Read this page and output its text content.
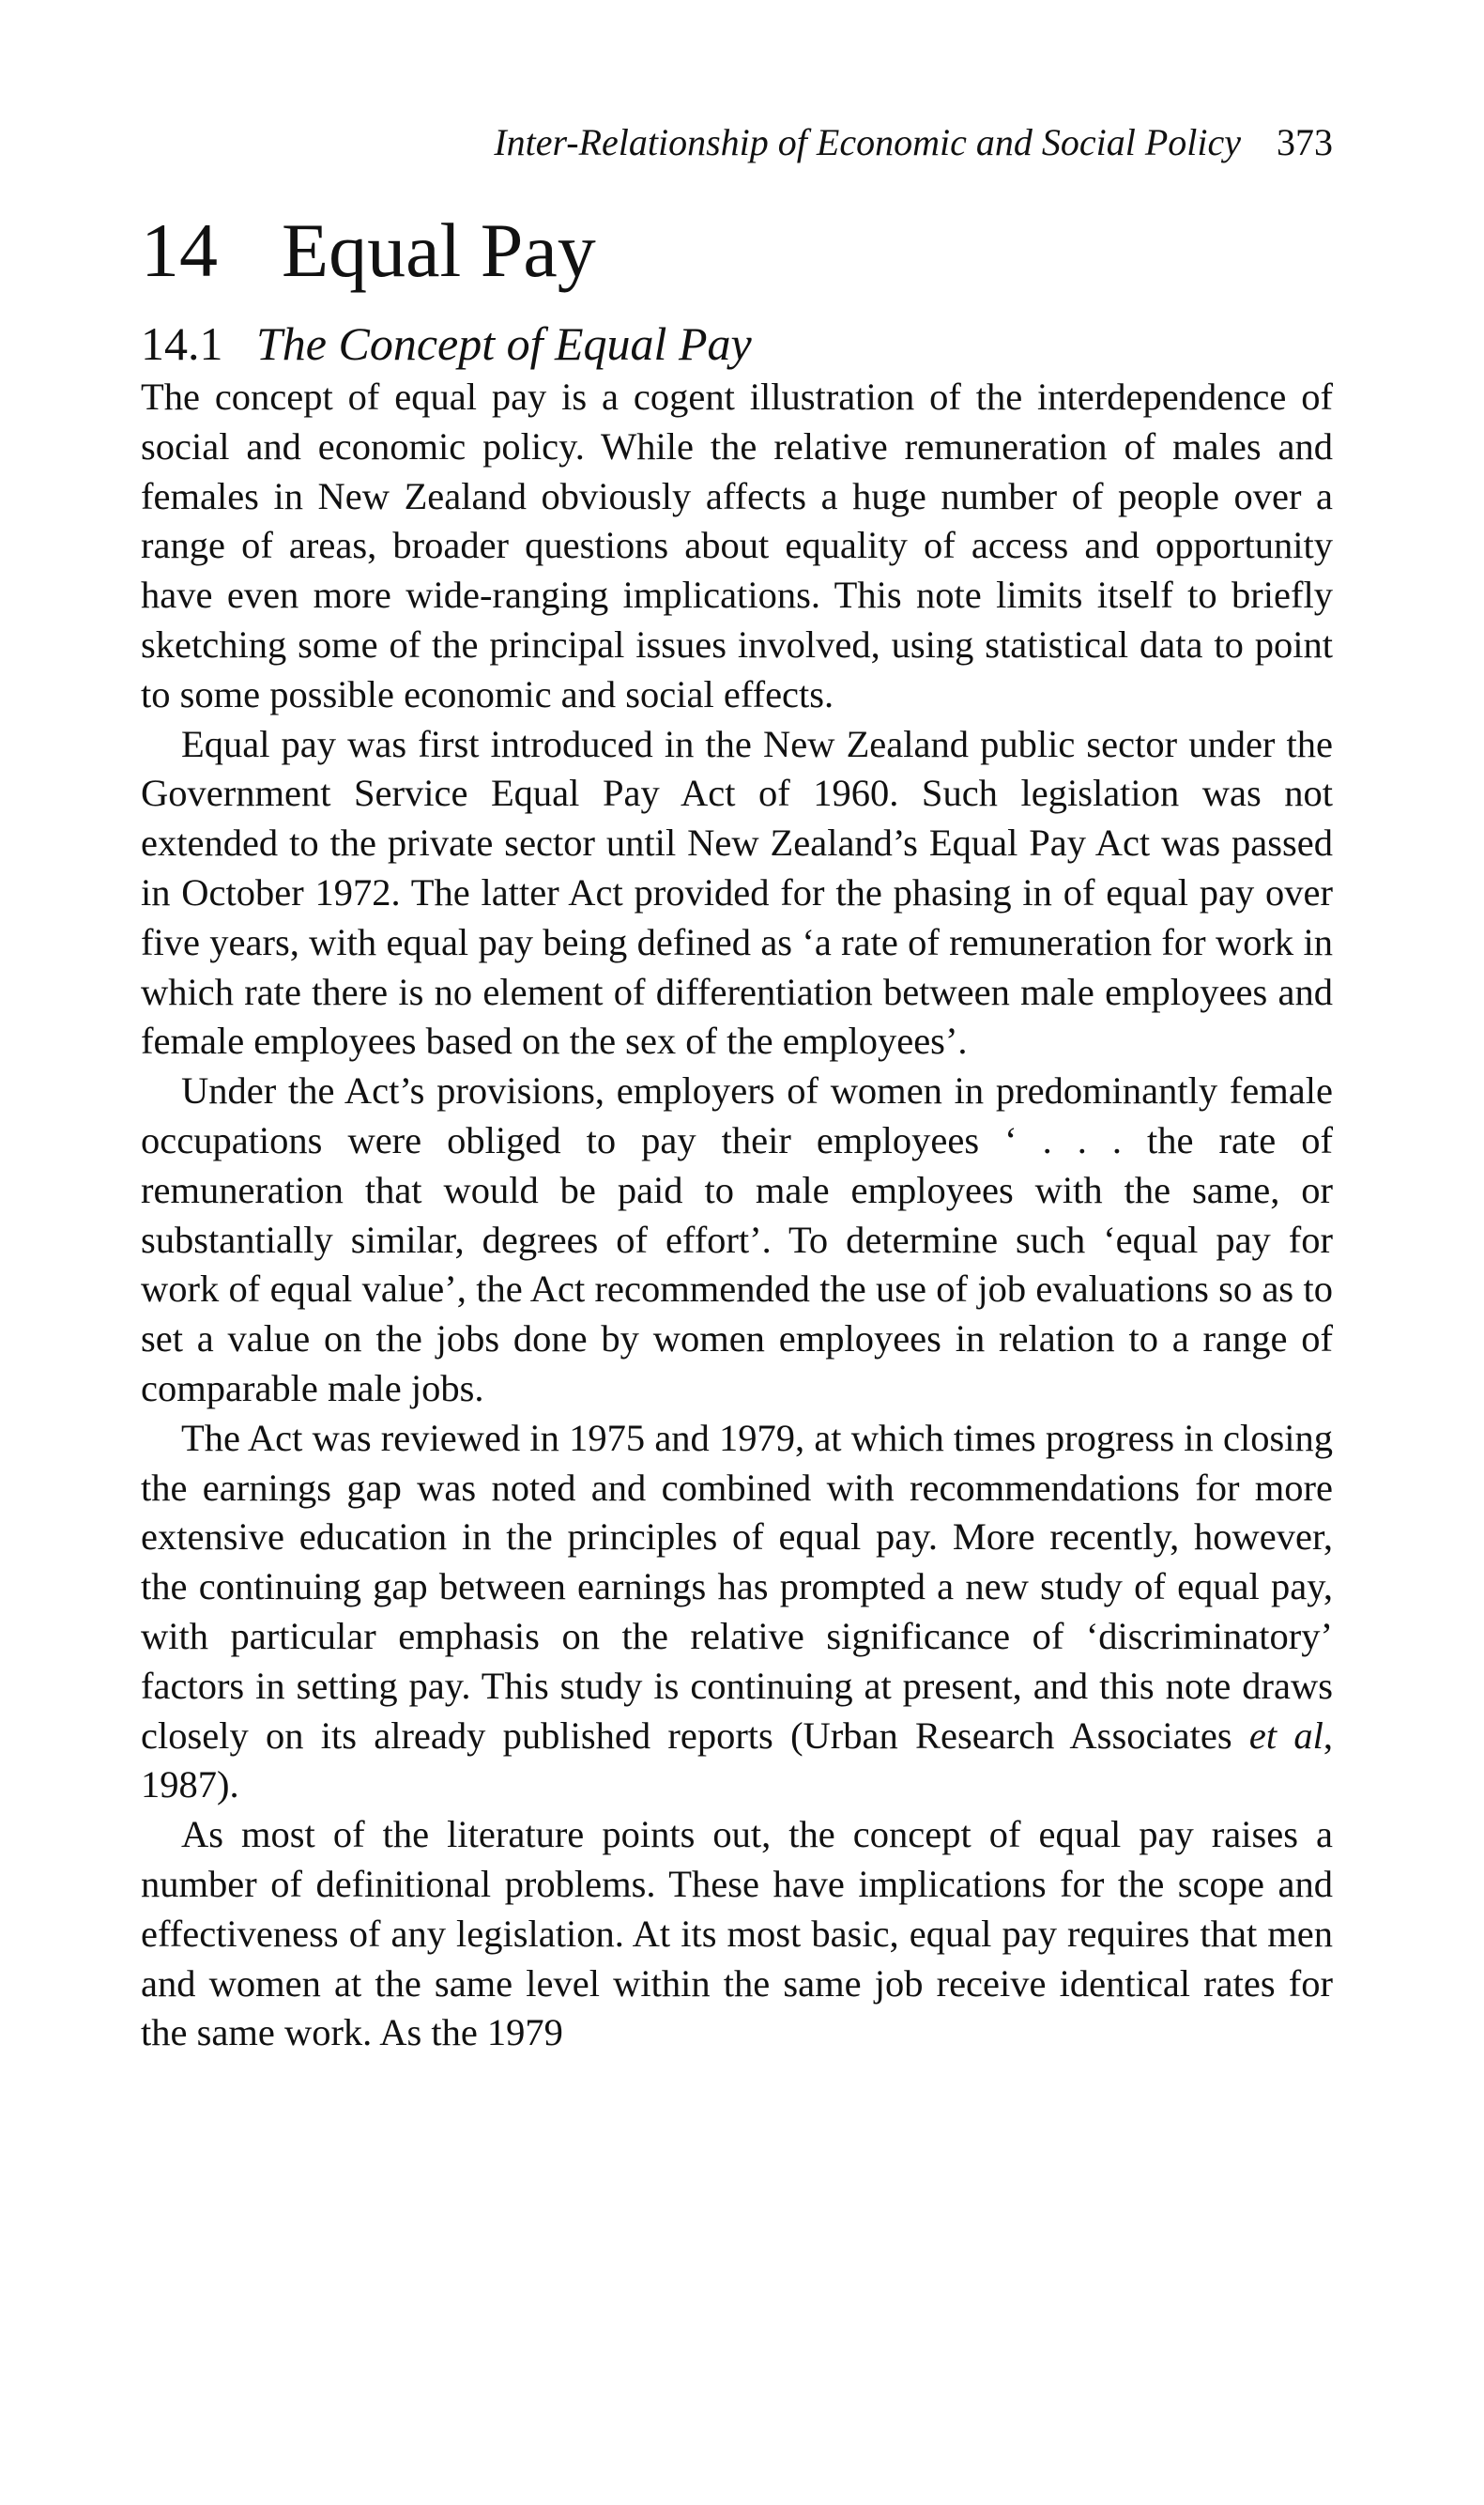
Inter-Relationship of Economic and Social Policy 373
14 Equal Pay
14.1 The Concept of Equal Pay

The concept of equal pay is a cogent illustration of the interdependence of social and economic policy. While the relative remuneration of males and females in New Zealand obviously affects a huge number of people over a range of areas, broader questions about equality of access and opportunity have even more wide-ranging implications. This note limits itself to briefly sketching some of the principal issues involved, using statistical data to point to some possible economic and social effects.

Equal pay was first introduced in the New Zealand public sector under the Government Service Equal Pay Act of 1960. Such legislation was not extended to the private sector until New Zealand’s Equal Pay Act was passed in October 1972. The latter Act provided for the phasing in of equal pay over five years, with equal pay being defined as ‘a rate of remuneration for work in which rate there is no element of differentiation between male employees and female employees based on the sex of the employees’.

Under the Act’s provisions, employers of women in predominantly female occupations were obliged to pay their employees ‘ . . . the rate of remuneration that would be paid to male employees with the same, or substantially similar, degrees of effort’. To determine such ‘equal pay for work of equal value’, the Act recommended the use of job evaluations so as to set a value on the jobs done by women employees in relation to a range of comparable male jobs.

The Act was reviewed in 1975 and 1979, at which times progress in closing the earnings gap was noted and combined with recommendations for more extensive education in the principles of equal pay. More recently, however, the continuing gap between earnings has prompted a new study of equal pay, with particular emphasis on the relative significance of ‘discriminatory’ factors in setting pay. This study is continuing at present, and this note draws closely on its already published reports (Urban Research Associates et al, 1987).

As most of the literature points out, the concept of equal pay raises a number of definitional problems. These have implications for the scope and effectiveness of any legislation. At its most basic, equal pay requires that men and women at the same level within the same job receive identical rates for the same work. As the 1979
